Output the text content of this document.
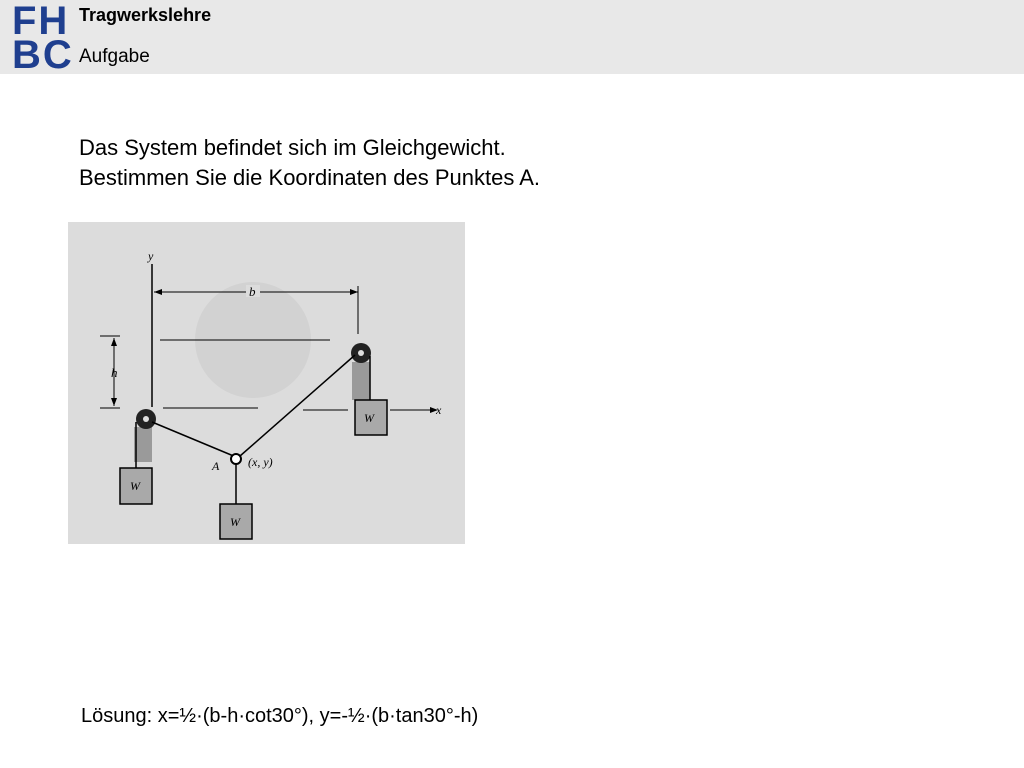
FH
BC
Tragwerkslehre
Aufgabe
Das System befindet sich im Gleichgewicht.
Bestimmen Sie die Koordinaten des Punktes A.
y
x
b
h
W
W
A (x, y)
W
Lösung: x=½·(b-h·cot30°), y=-½·(b·tan30°-h)
